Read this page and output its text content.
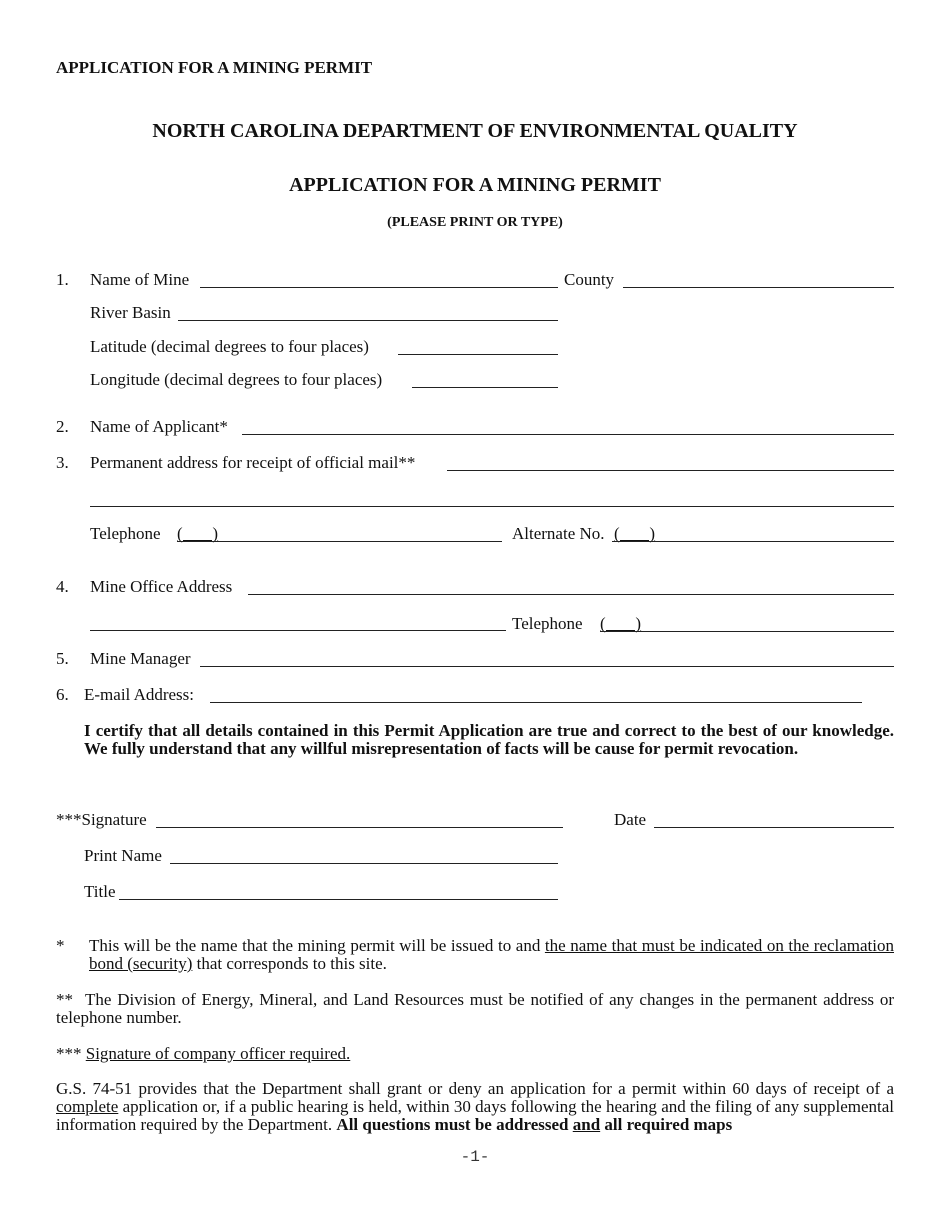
APPLICATION FOR A MINING PERMIT
NORTH CAROLINA DEPARTMENT OF ENVIRONMENTAL QUALITY
APPLICATION FOR A MINING PERMIT
(PLEASE PRINT OR TYPE)
1. Name of Mine	County
River Basin
Latitude (decimal degrees to four places)
Longitude (decimal degrees to four places)
2. Name of Applicant*
3. Permanent address for receipt of official mail**
Telephone (       )	Alternate No. (       )
4. Mine Office Address
Telephone (       )
5. Mine Manager
6. E-mail Address:
I certify that all details contained in this Permit Application are true and correct to the best of our knowledge. We fully understand that any willful misrepresentation of facts will be cause for permit revocation.
***Signature	Date
Print Name
Title
* This will be the name that the mining permit will be issued to and the name that must be indicated on the reclamation bond (security) that corresponds to this site.
** The Division of Energy, Mineral, and Land Resources must be notified of any changes in the permanent address or telephone number.
*** Signature of company officer required.
G.S. 74-51 provides that the Department shall grant or deny an application for a permit within 60 days of receipt of a complete application or, if a public hearing is held, within 30 days following the hearing and the filing of any supplemental information required by the Department. All questions must be addressed and all required maps
-1-
